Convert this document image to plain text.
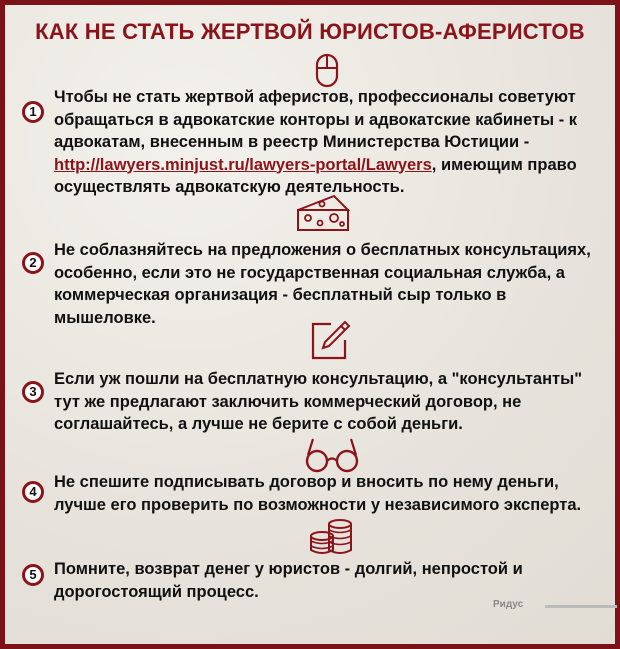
КАК НЕ СТАТЬ ЖЕРТВОЙ ЮРИСТОВ-АФЕРИСТОВ
1
Чтобы не стать жертвой аферистов, профессионалы советуют обращаться в адвокатские конторы и адвокатские кабинеты - к адвокатам, внесенным в реестр Министерства Юстиции - http://lawyers.minjust.ru/lawyers-portal/Lawyers, имеющим право осуществлять адвокатскую деятельность.
2
Не соблазняйтесь на предложения о бесплатных консультациях, особенно, если это не государственная социальная служба, а коммерческая организация - бесплатный сыр только в мышеловке.
3
Если уж пошли на бесплатную консультацию, а "консультанты" тут же предлагают заключить коммерческий договор, не соглашайтесь, а лучше не берите с собой деньги.
4
Не спешите подписывать договор и вносить по нему деньги, лучше его проверить по возможности у независимого эксперта.
5	Помните, возврат денег у юристов - долгий, непростой и дорогостоящий процесс.
Ридус
